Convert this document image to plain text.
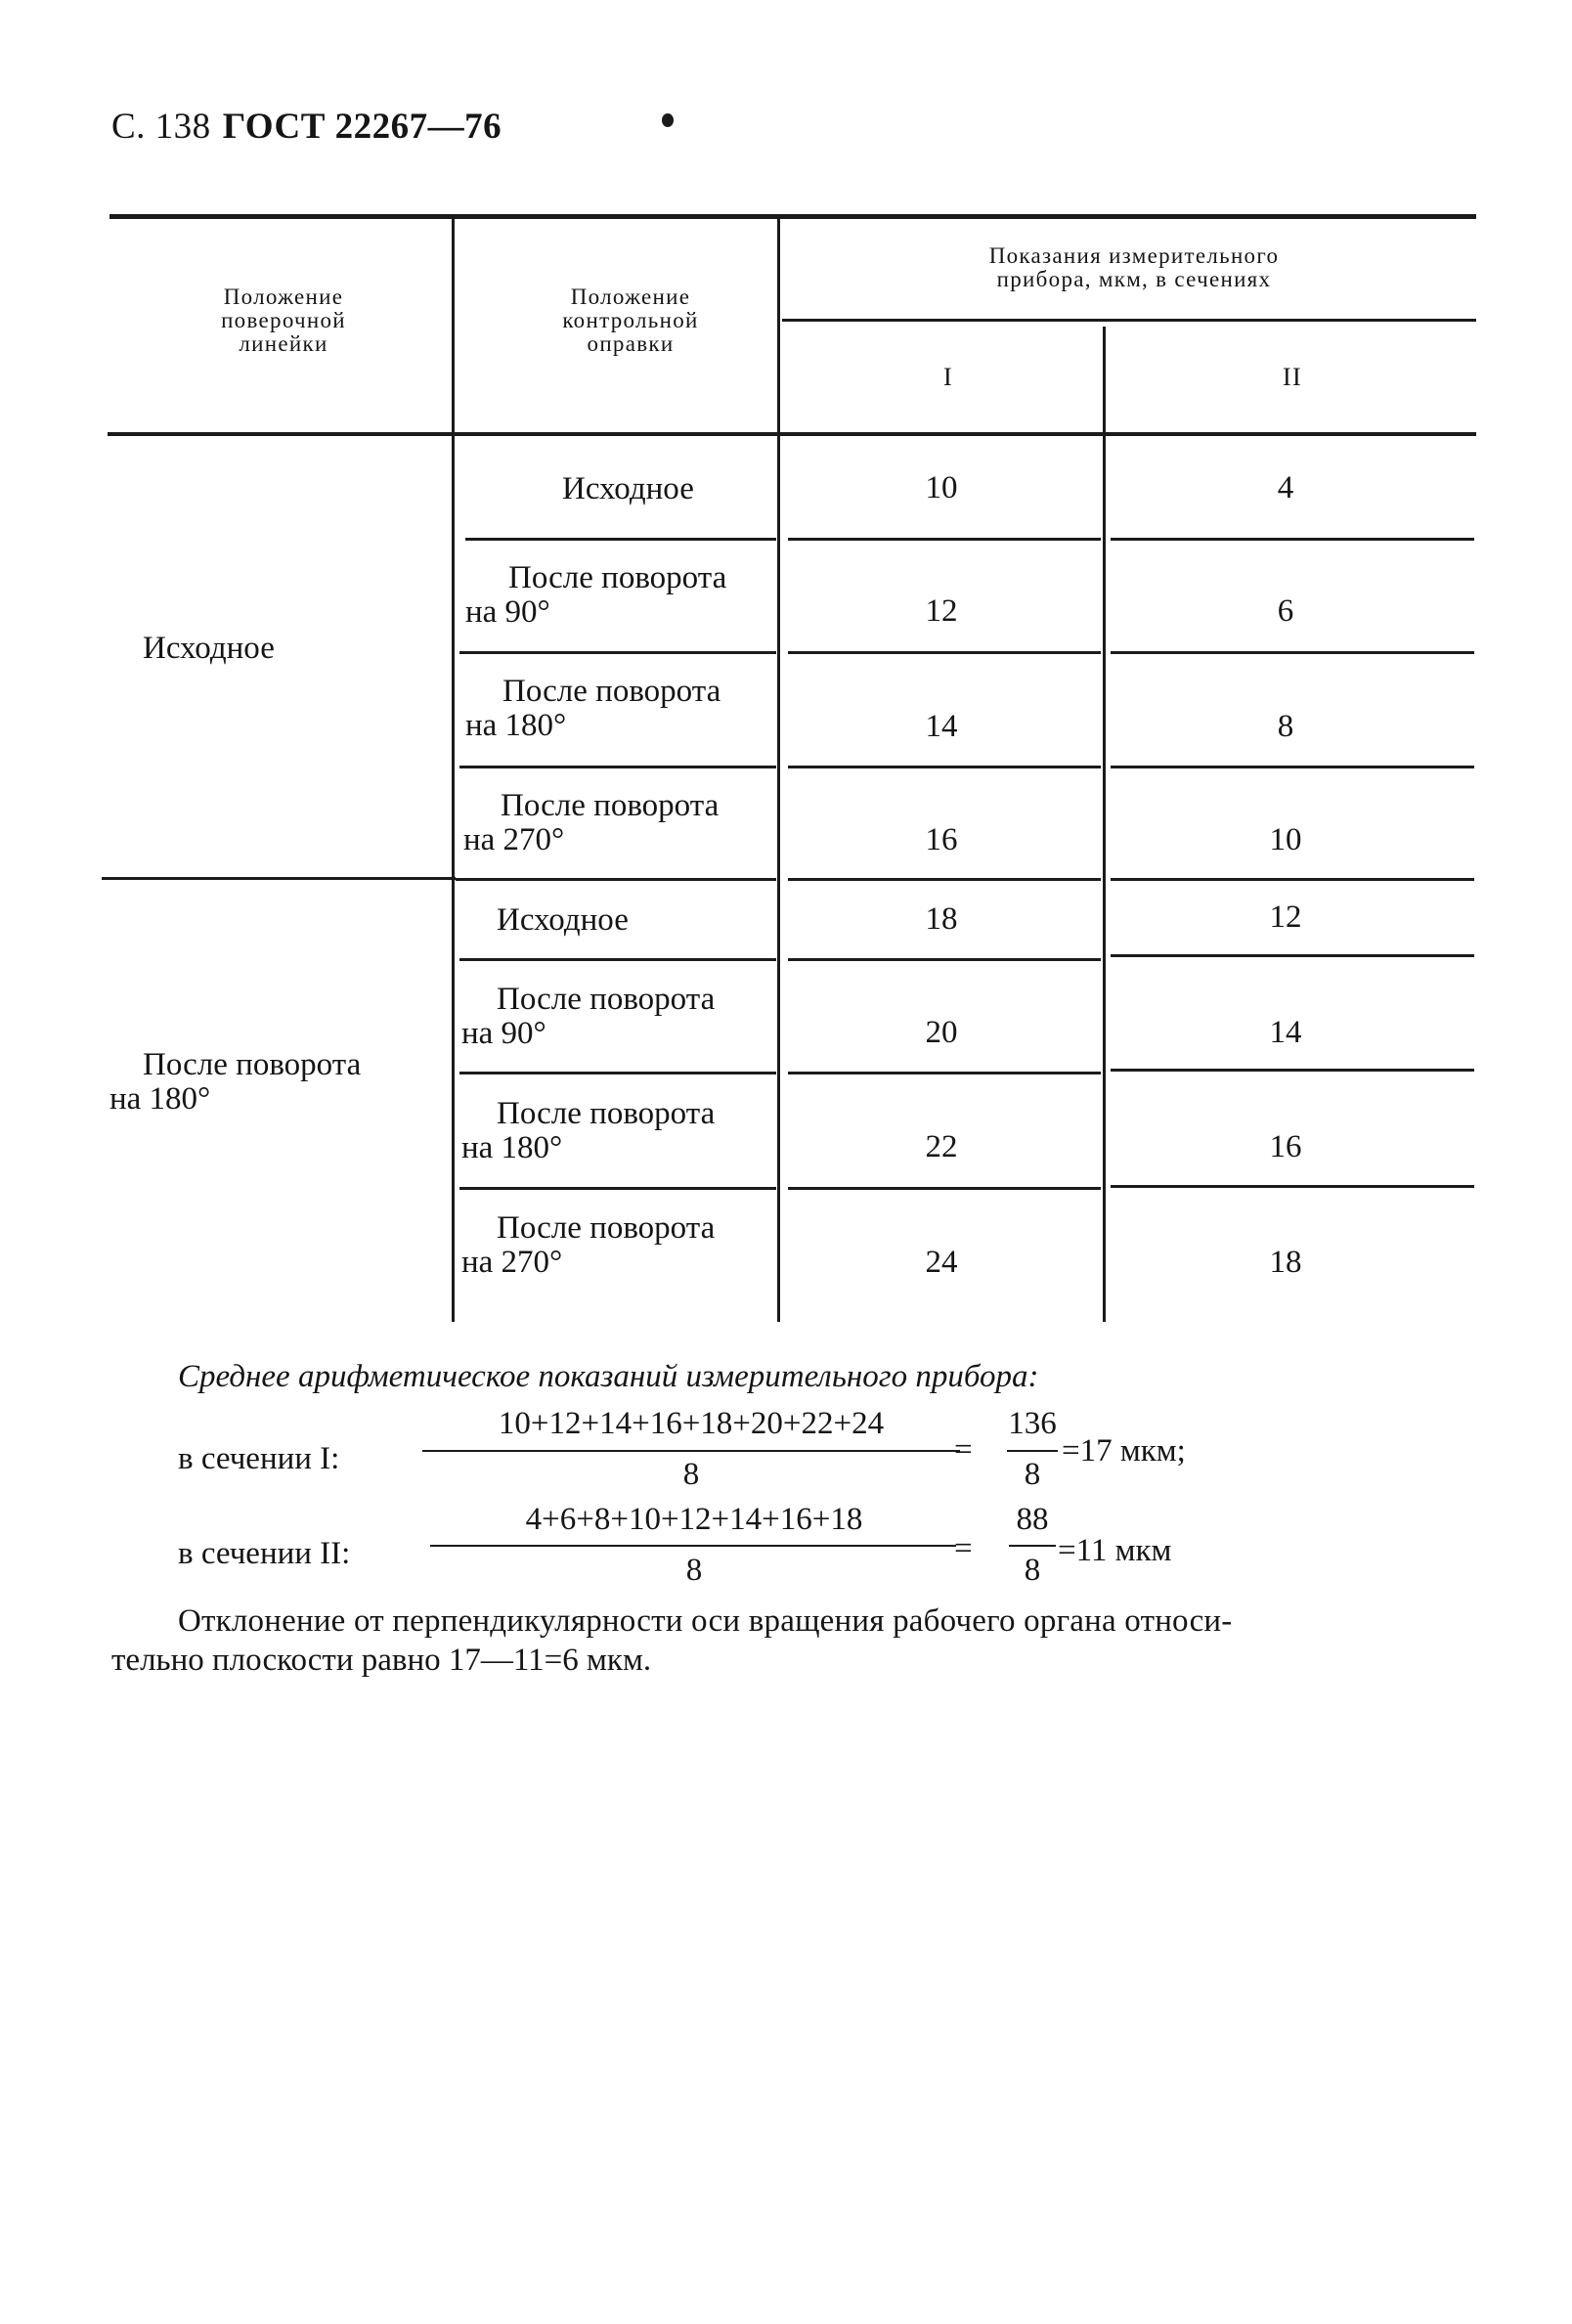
С. 138 ГОСТ 22267—76
Положение
поверочной
линейки
Положение
контрольной
оправки
Показания измерительного
прибора, мкм, в сечениях
I	II
Исходное
После поворота
на 180°
Исходное	10	4
После поворота
на 90°	12	6
После поворота
на 180°	14	8
После поворота
на 270°	16	10
Исходное	18	12
После поворота
на 90°	20	14
После поворота
на 180°	22	16
После поворота
на 270°	24	18
Среднее арифметическое показаний измерительного прибора:
в сечении I:
10+12+14+16+18+20+22+24
8
=
136
8
=17 мкм;
в сечении II:
4+6+8+10+12+14+16+18
8
=
88
8
=11 мкм
Отклонение от перпендикулярности оси вращения рабочего органа относи-
тельно плоскости равно 17—11=6 мкм.
